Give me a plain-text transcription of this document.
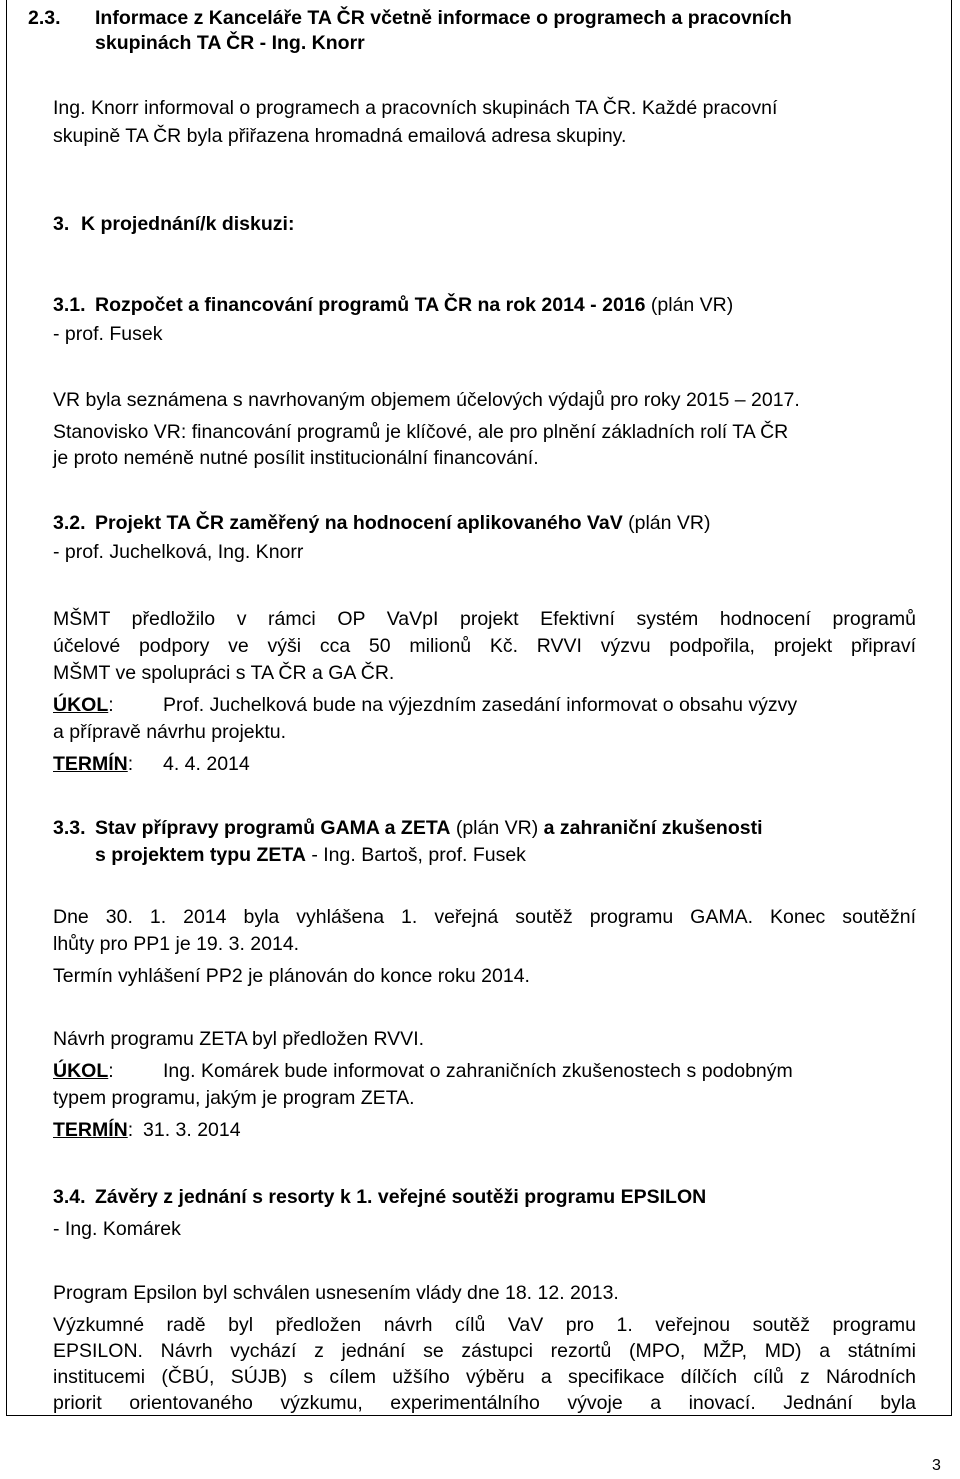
2.3. Informace z Kanceláře TA ČR včetně informace o programech a pracovních
skupinách TA ČR - Ing. Knorr
Ing. Knorr informoval o programech a pracovních skupinách TA ČR. Každé pracovní
skupině TA ČR byla přiřazena hromadná emailová adresa skupiny.
3. K projednání/k diskuzi:
3.1. Rozpočet a financování programů TA ČR na rok 2014 - 2016 (plán VR)
- prof. Fusek
VR byla seznámena s navrhovaným objemem účelových výdajů pro roky 2015 – 2017.
Stanovisko VR: financování programů je klíčové, ale pro plnění základních rolí TA ČR
je proto neméně nutné posílit institucionální financování.
3.2. Projekt TA ČR zaměřený na hodnocení aplikovaného VaV (plán VR)
- prof. Juchelková, Ing. Knorr
MŠMT předložilo v rámci OP VaVpI projekt Efektivní systém hodnocení programů
účelové podpory ve výši cca 50 milionů Kč. RVVI výzvu podpořila, projekt připraví
MŠMT ve spolupráci s TA ČR a GA ČR.
ÚKOL:	Prof. Juchelková bude na výjezdním zasedání informovat o obsahu výzvy
a přípravě návrhu projektu.
TERMÍN: 4. 4. 2014
3.3. Stav přípravy programů GAMA a ZETA (plán VR) a zahraniční zkušenosti
s projektem typu ZETA - Ing. Bartoš, prof. Fusek
Dne 30. 1. 2014 byla vyhlášena 1. veřejná soutěž programu GAMA. Konec soutěžní
lhůty pro PP1 je 19. 3. 2014.
Termín vyhlášení PP2 je plánován do konce roku 2014.
Návrh programu ZETA byl předložen RVVI.
ÚKOL:	Ing. Komárek bude informovat o zahraničních zkušenostech s podobným
typem programu, jakým je program ZETA.
TERMÍN: 31. 3. 2014
3.4. Závěry z jednání s resorty k 1. veřejné soutěži programu EPSILON
- Ing. Komárek
Program Epsilon byl schválen usnesením vlády dne 18. 12. 2013.
Výzkumné radě byl předložen návrh cílů VaV pro 1. veřejnou soutěž programu
EPSILON. Návrh vychází z jednání se zástupci rezortů (MPO, MŽP, MD) a státními
institucemi (ČBÚ, SÚJB) s cílem užšího výběru a specifikace dílčích cílů z Národních
priorit orientovaného výzkumu, experimentálního vývoje a inovací. Jednání byla
3
